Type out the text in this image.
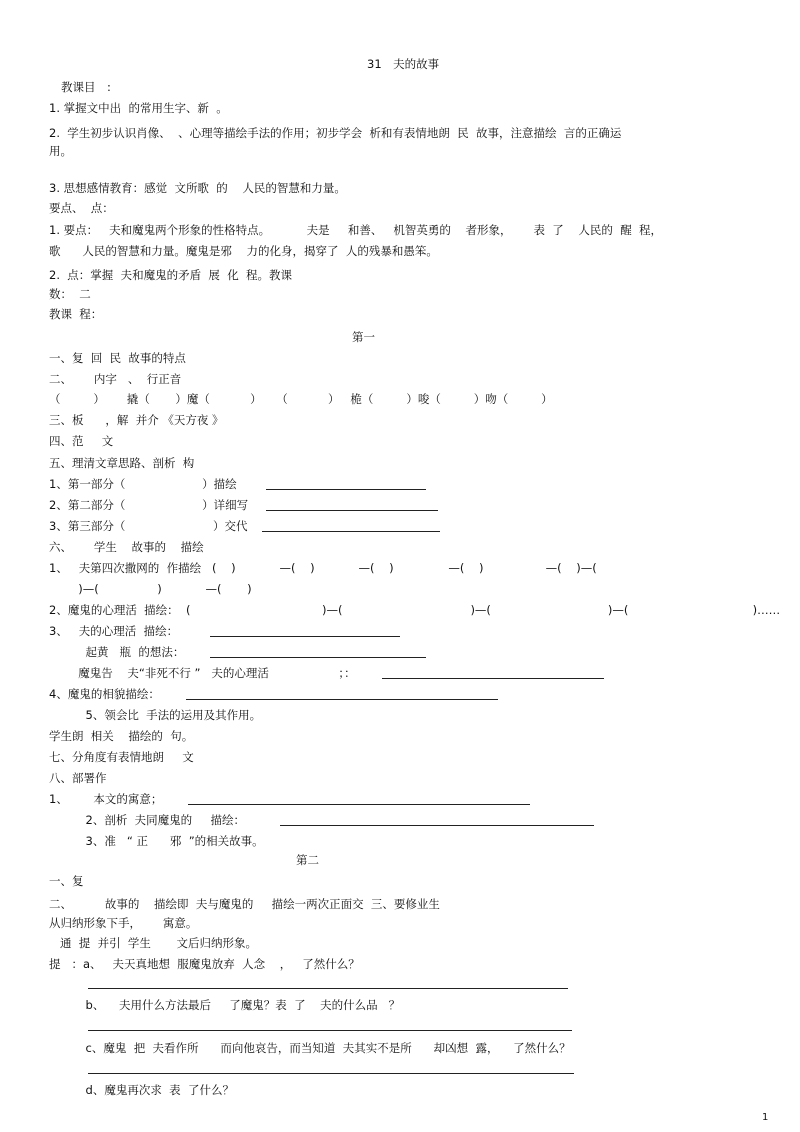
31　夫的故事
教课目　:
1. 掌握文中出  的常用生字、新  。
2.  学生初步认识肖像、  、心理等描绘手法的作用；初步学会  析和有表情地朗  民  故事，注意描绘  言的正确运
用。
3. 思想感情教育：感觉  文所歌  的    人民的智慧和力量。
要点、  点：
1. 要点：   夫和魔鬼两个形象的性格特点。          夫是     和善、   机智英勇的    者形象，      表  了    人民的  醒  程，
歌      人民的智慧和力量。魔鬼是邪    力的化身，揭穿了  人的残暴和愚笨。
2.  点：掌握  夫和魔鬼的矛盾  展  化  程。教课
数：  二
教课  程：
第一
一、复  回  民  故事的特点
二、      内字   、  行正音
（         ）      撬（       ）魔（           ）    （           ）   桅（         ）唆（         ）吻（         ）
三、板      ，解  并介 《天方夜 》
四、范     文
五、理清文章思路、剖析  构
1、第一部分（                     ）描绘
2、第二部分（                     ）详细写
3、第三部分（                        ）交代
六、      学生    故事的    描绘
1、   夫第四次撒网的  作描绘   (    )            —(    )            —(    )               —(    )                 —(    )—(
)—(                )            —(       )
2、魔鬼的心理活  描绘：  (                                    )—(                                   )—(                                )—(                                  )……
3、   夫的心理活  描绘：
起黄   瓶  的想法：
魔鬼告    夫“非死不行 ”   夫的心理活                   ；：
4、魔鬼的相貌描绘：
5、领会比  手法的运用及其作用。
学生朗  相关    描绘的  句。
七、分角度有表情地朗     文
八、部署作
1、       本文的寓意；
2、剖析  夫同魔鬼的     描绘：
3、准   “ 正      邪  ”的相关故事。
第二
一、复
二、         故事的    描绘即  夫与魔鬼的     描绘一两次正面交  三、要修业生
从归纳形象下手，      寓意。
通  提  并引  学生       文后归纳形象。
提   ：a、   夫天真地想  服魔鬼放弃  人念    ，   了然什么？
b、    夫用什么方法最后     了魔鬼？表  了    夫的什么品   ？
c、魔鬼  把  夫看作所      而向他哀告，而当知道  夫其实不是所      却凶想  露，    了然什么？
d、魔鬼再次求  表  了什么？
1
